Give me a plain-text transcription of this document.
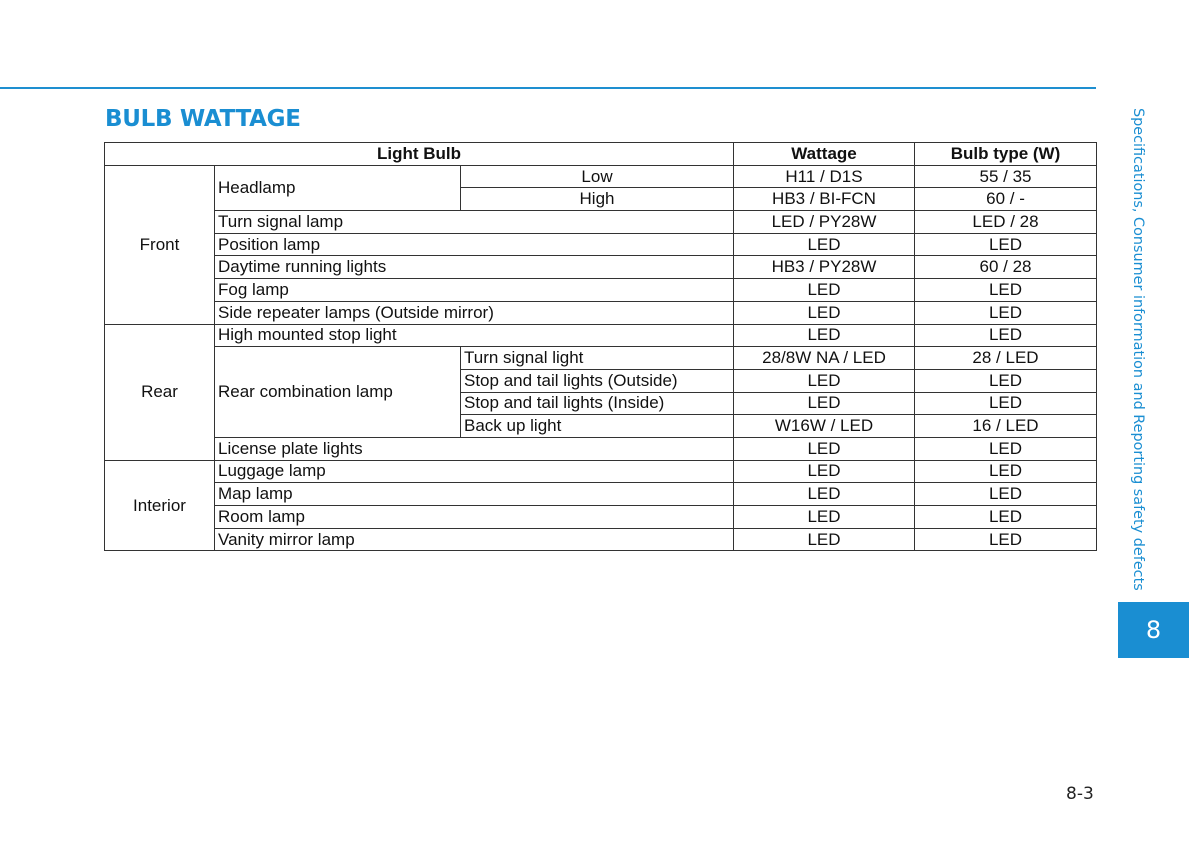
BULB WATTAGE
Light Bulb			Wattage	Bulb type (W)
Front	Headlamp	Low	H11 / D1S	55 / 35
		High	HB3 / BI-FCN	60 / -
	Turn signal lamp		LED / PY28W	LED / 28
	Position lamp		LED	LED
	Daytime running lights		HB3 / PY28W	60 / 28
	Fog lamp		LED	LED
	Side repeater lamps (Outside mirror)		LED	LED
Rear	High mounted stop light		LED	LED
	Rear combination lamp	Turn signal light	28/8W NA / LED	28 / LED
		Stop and tail lights (Outside)	LED	LED
		Stop and tail lights (Inside)	LED	LED
		Back up light	W16W / LED	16 / LED
	License plate lights		LED	LED
Interior	Luggage lamp		LED	LED
	Map lamp		LED	LED
	Room lamp		LED	LED
	Vanity mirror lamp		LED	LED	Specifications, Consumer information and Reporting safety defects
8
8-3
